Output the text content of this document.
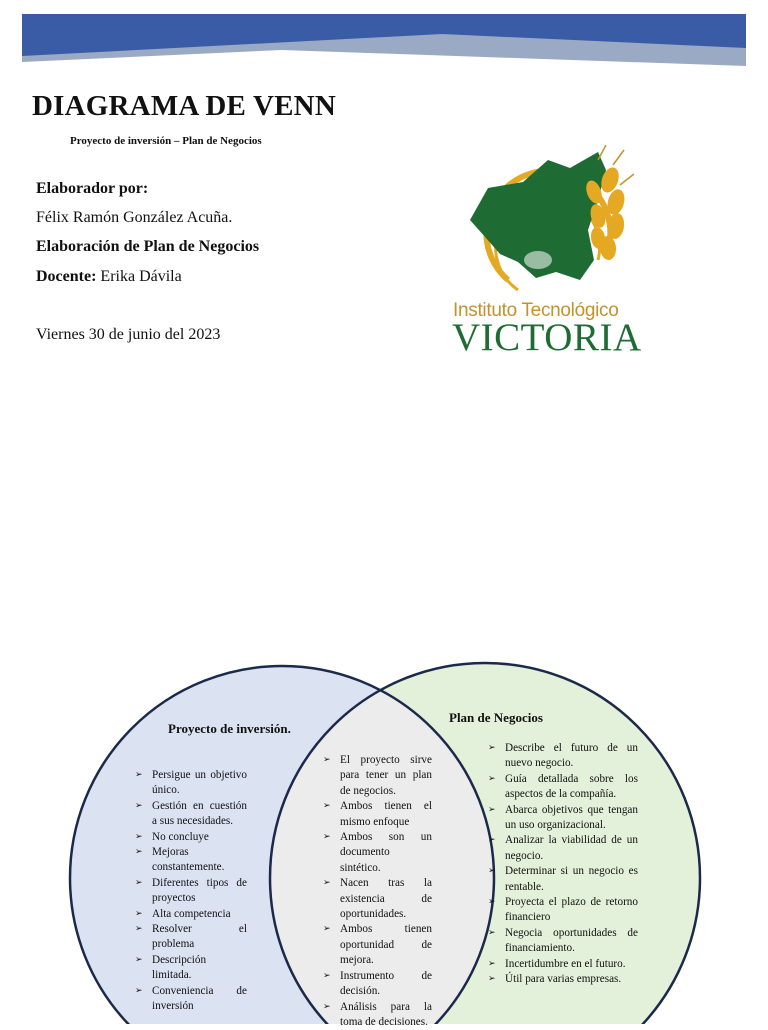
DIAGRAMA DE VENN
Proyecto de inversión – Plan de Negocios
Elaborador por:
Félix Ramón González Acuña.
Elaboración de Plan de Negocios
Docente: Erika Dávila
Viernes 30 de junio del 2023
Instituto Tecnológico
VICTORIA
Proyecto de inversión.
Plan de Negocios
➢ Persigue un objetivo único.
➢ Gestión en cuestión a sus necesidades.
➢ No concluye
➢ Mejoras constantemente.
➢ Diferentes tipos de proyectos
➢ Alta competencia
➢ Resolver el problema
➢ Descripción limitada.
➢ Conveniencia de inversión
➢ El proyecto sirve para tener un plan de negocios.
➢ Ambos tienen el mismo enfoque
➢ Ambos son un documento sintético.
➢ Nacen tras la existencia de oportunidades.
➢ Ambos tienen oportunidad de mejora.
➢ Instrumento de decisión.
➢ Análisis para la toma de decisiones.
➢ Describe el futuro de un nuevo negocio.
➢ Guía detallada sobre los aspectos de la compañía.
➢ Abarca objetivos que tengan un uso organizacional.
➢ Analizar la viabilidad de un negocio.
➢ Determinar si un negocio es rentable.
➢ Proyecta el plazo de retorno financiero
➢ Negocia oportunidades de financiamiento.
➢ Incertidumbre en el futuro.
➢ Útil para varias empresas.
